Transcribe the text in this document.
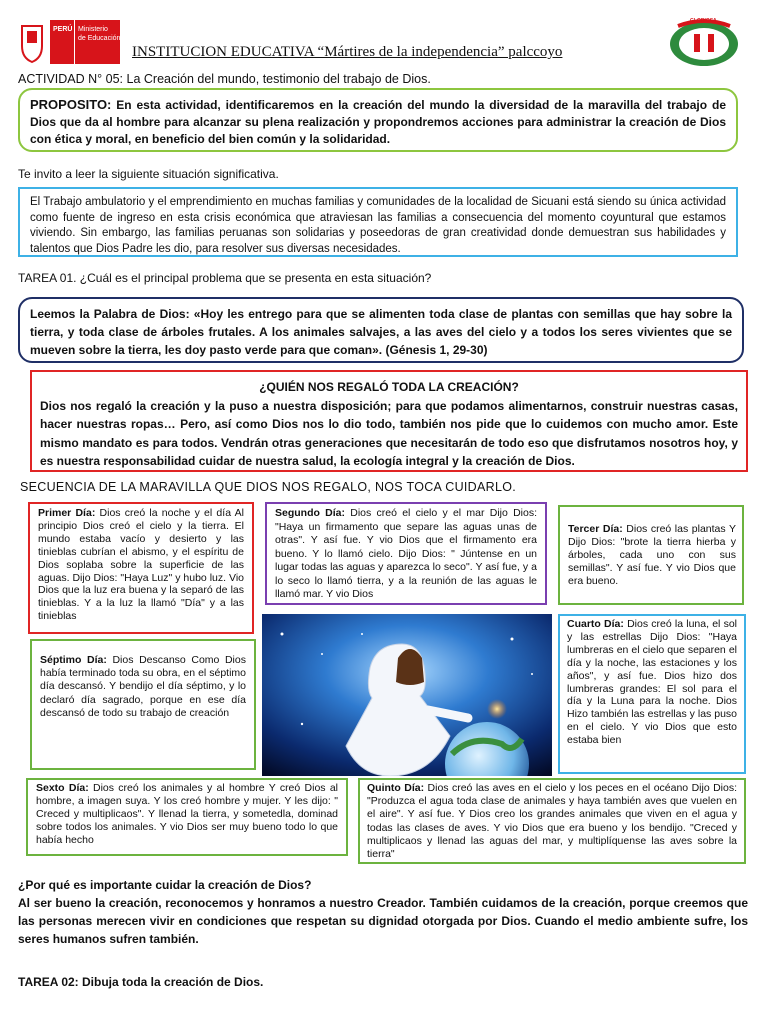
PERÚ Ministerio
de Educación
INSTITUCION EDUCATIVA “Mártires de la independencia” palccoyo
GLORIOSA
ACTIVIDAD N° 05: La Creación del mundo, testimonio del trabajo de Dios.
PROPOSITO: En esta actividad, identificaremos en la creación del mundo la diversidad de la maravilla del trabajo de Dios que da al hombre para alcanzar su plena realización y propondremos acciones para administrar la creación de Dios con ética y moral, en beneficio del bien común y la solidaridad.
Te invito a leer la siguiente situación significativa.
El Trabajo ambulatorio y el emprendimiento en muchas familias y comunidades de la localidad de Sicuani está siendo su única actividad como fuente de ingreso en esta crisis económica que atraviesan las familias a consecuencia del momento coyuntural que estamos viviendo. Sin embargo, las familias peruanas son solidarias y poseedoras de gran creatividad donde demuestran sus habilidades y talentos que Dios Padre les dio, para resolver sus diversas necesidades.
TAREA 01. ¿Cuál es el principal problema que se presenta en esta situación?
Leemos la Palabra de Dios: «Hoy les entrego para que se alimenten toda clase de plantas con semillas que hay sobre la tierra, y toda clase de árboles frutales. A los animales salvajes, a las aves del cielo y a todos los seres vivientes que se mueven sobre la tierra, les doy pasto verde para que coman». (Génesis 1, 29-30)
¿QUIÉN NOS REGALÓ TODA LA CREACIÓN?
Dios nos regaló la creación y la puso a nuestra disposición; para que podamos alimentarnos, construir nuestras casas, hacer nuestras ropas… Pero, así como Dios nos lo dio todo, también nos pide que lo cuidemos con mucho amor. Este mismo mandato es para todos. Vendrán otras generaciones que necesitarán de todo eso que disfrutamos nosotros hoy, y es nuestra responsabilidad cuidar de nuestra salud, la ecología integral y la creación de Dios.
SECUENCIA DE LA MARAVILLA QUE DIOS NOS REGALO, NOS TOCA CUIDARLO.
Primer Día: Dios creó la noche y el día Al principio Dios creó el cielo y la tierra. El mundo estaba vacío y desierto y las tinieblas cubrían el abismo, y el espíritu de Dios soplaba sobre la superficie de las aguas. Dijo Dios: "Haya Luz" y hubo luz. Vio Dios que la luz era buena y la separó de las tinieblas. Y a la luz la llamó "Día" y a las tinieblas
Segundo Día: Dios creó el cielo y el mar Dijo Dios: "Haya un firmamento que separe las aguas unas de otras". Y así fue. Y vio Dios que el firmamento era bueno. Y lo llamó cielo. Dijo Dios: " Júntense en un lugar todas las aguas y aparezca lo seco". Y así fue, y a lo seco lo llamó tierra, y a la reunión de las aguas le llamó mar. Y vio Dios
Tercer Día: Dios creó las plantas Y Dijo Dios: "brote la tierra hierba y árboles, cada uno con sus semillas". Y así fue. Y vio Dios que era bueno.
Cuarto Día: Dios creó la luna, el sol y las estrellas Dijo Dios: "Haya lumbreras en el cielo que separen el día y la noche, las estaciones y los años", y así fue. Dios hizo dos lumbreras grandes: El sol para el día y la Luna para la noche. Dios Hizo también las estrellas y las puso en el cielo. Y vio Dios que esto estaba bien
Séptimo Día: Dios Descanso Como Dios había terminado toda su obra, en el séptimo día descansó. Y bendijo el día séptimo, y lo declaró día sagrado, porque en ese día descansó de todo su trabajo de creación
Sexto Día: Dios creó los animales y al hombre Y creó Dios al hombre, a imagen suya. Y los creó hombre y mujer. Y les dijo: " Creced y multiplicaos". Y llenad la tierra, y sometedla, dominad sobre todos los animales. Y vio Dios ser muy bueno todo lo que había hecho
Quinto Día: Dios creó las aves en el cielo y los peces en el océano Dijo Dios: "Produzca el agua toda clase de animales y haya también aves que vuelen en el aire". Y así fue. Y Dios creo los grandes animales que viven en el agua y todas las clases de aves. Y vio Dios que era bueno y los bendijo. "Creced y multiplicaos y llenad las aguas del mar, y multiplíquense las aves sobre la tierra"
¿Por qué es importante cuidar la creación de Dios?
Al ser bueno la creación, reconocemos y honramos a nuestro Creador. También cuidamos de la creación, porque creemos que las personas merecen vivir en condiciones que respetan su dignidad otorgada por Dios. Cuando el medio ambiente sufre, los seres humanos sufren también.
TAREA 02: Dibuja toda la creación de Dios.
